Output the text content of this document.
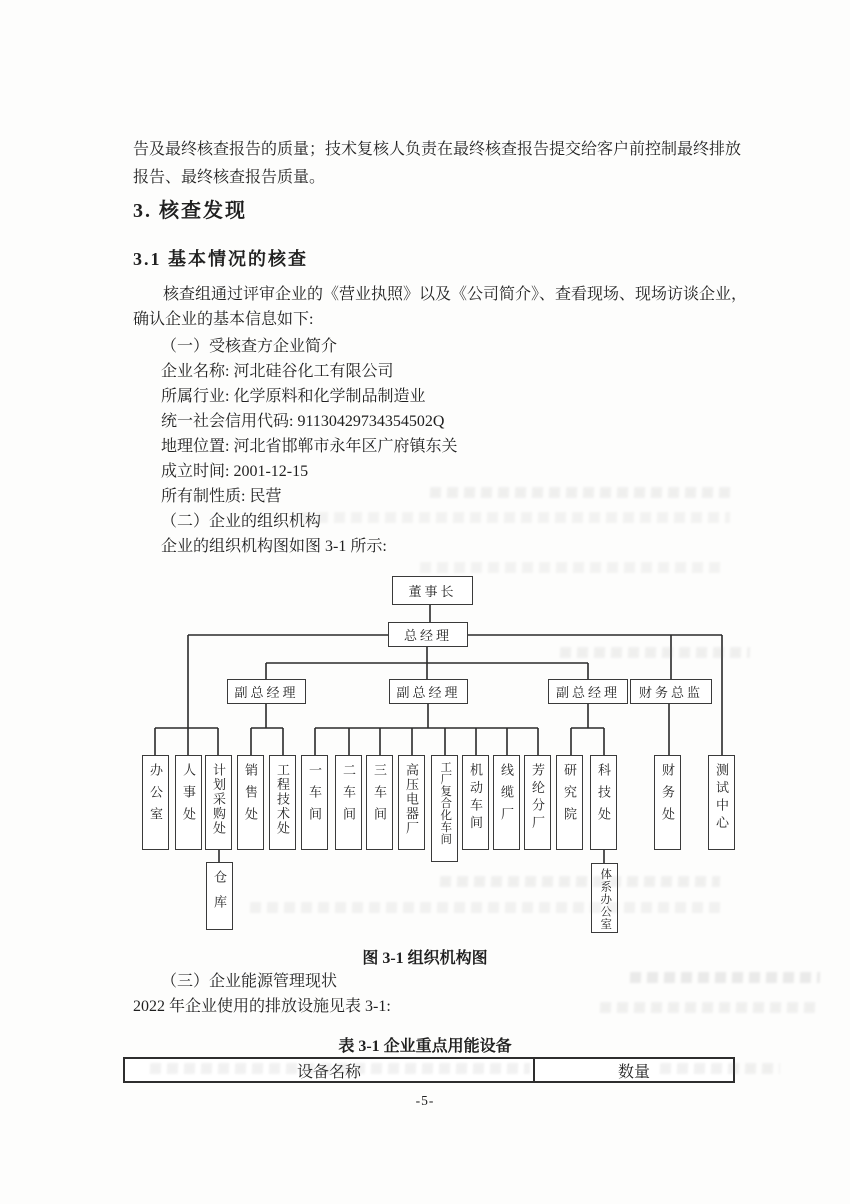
告及最终核查报告的质量；技术复核人负责在最终核查报告提交给客户前控制最终排放
报告、最终核查报告质量。
3. 核查发现
3.1 基本情况的核查
核查组通过评审企业的《营业执照》以及《公司简介》、查看现场、现场访谈企业，
确认企业的基本信息如下:
（一）受核查方企业简介
企业名称: 河北硅谷化工有限公司
所属行业: 化学原料和化学制品制造业
统一社会信用代码: 91130429734354502Q
地理位置: 河北省邯郸市永年区广府镇东关
成立时间: 2001-12-15
所有制性质: 民营
（二）企业的组织机构
企业的组织机构图如图 3-1 所示:
董事长
总经理
副总经理	副总经理	副总经理 财务总监
办公室 人事处 计划采购处 销售处 工程技术处 一车间 二车间 三车间 高压电器厂 工厂复合化车间 机动车间 线缆厂 芳纶分厂 研究院 科技处	财务处	测试中心
仓库	体系办公室
图 3-1 组织机构图
（三）企业能源管理现状
2022 年企业使用的排放设施见表 3-1:
表 3-1 企业重点用能设备
设备名称	数量
-5-
